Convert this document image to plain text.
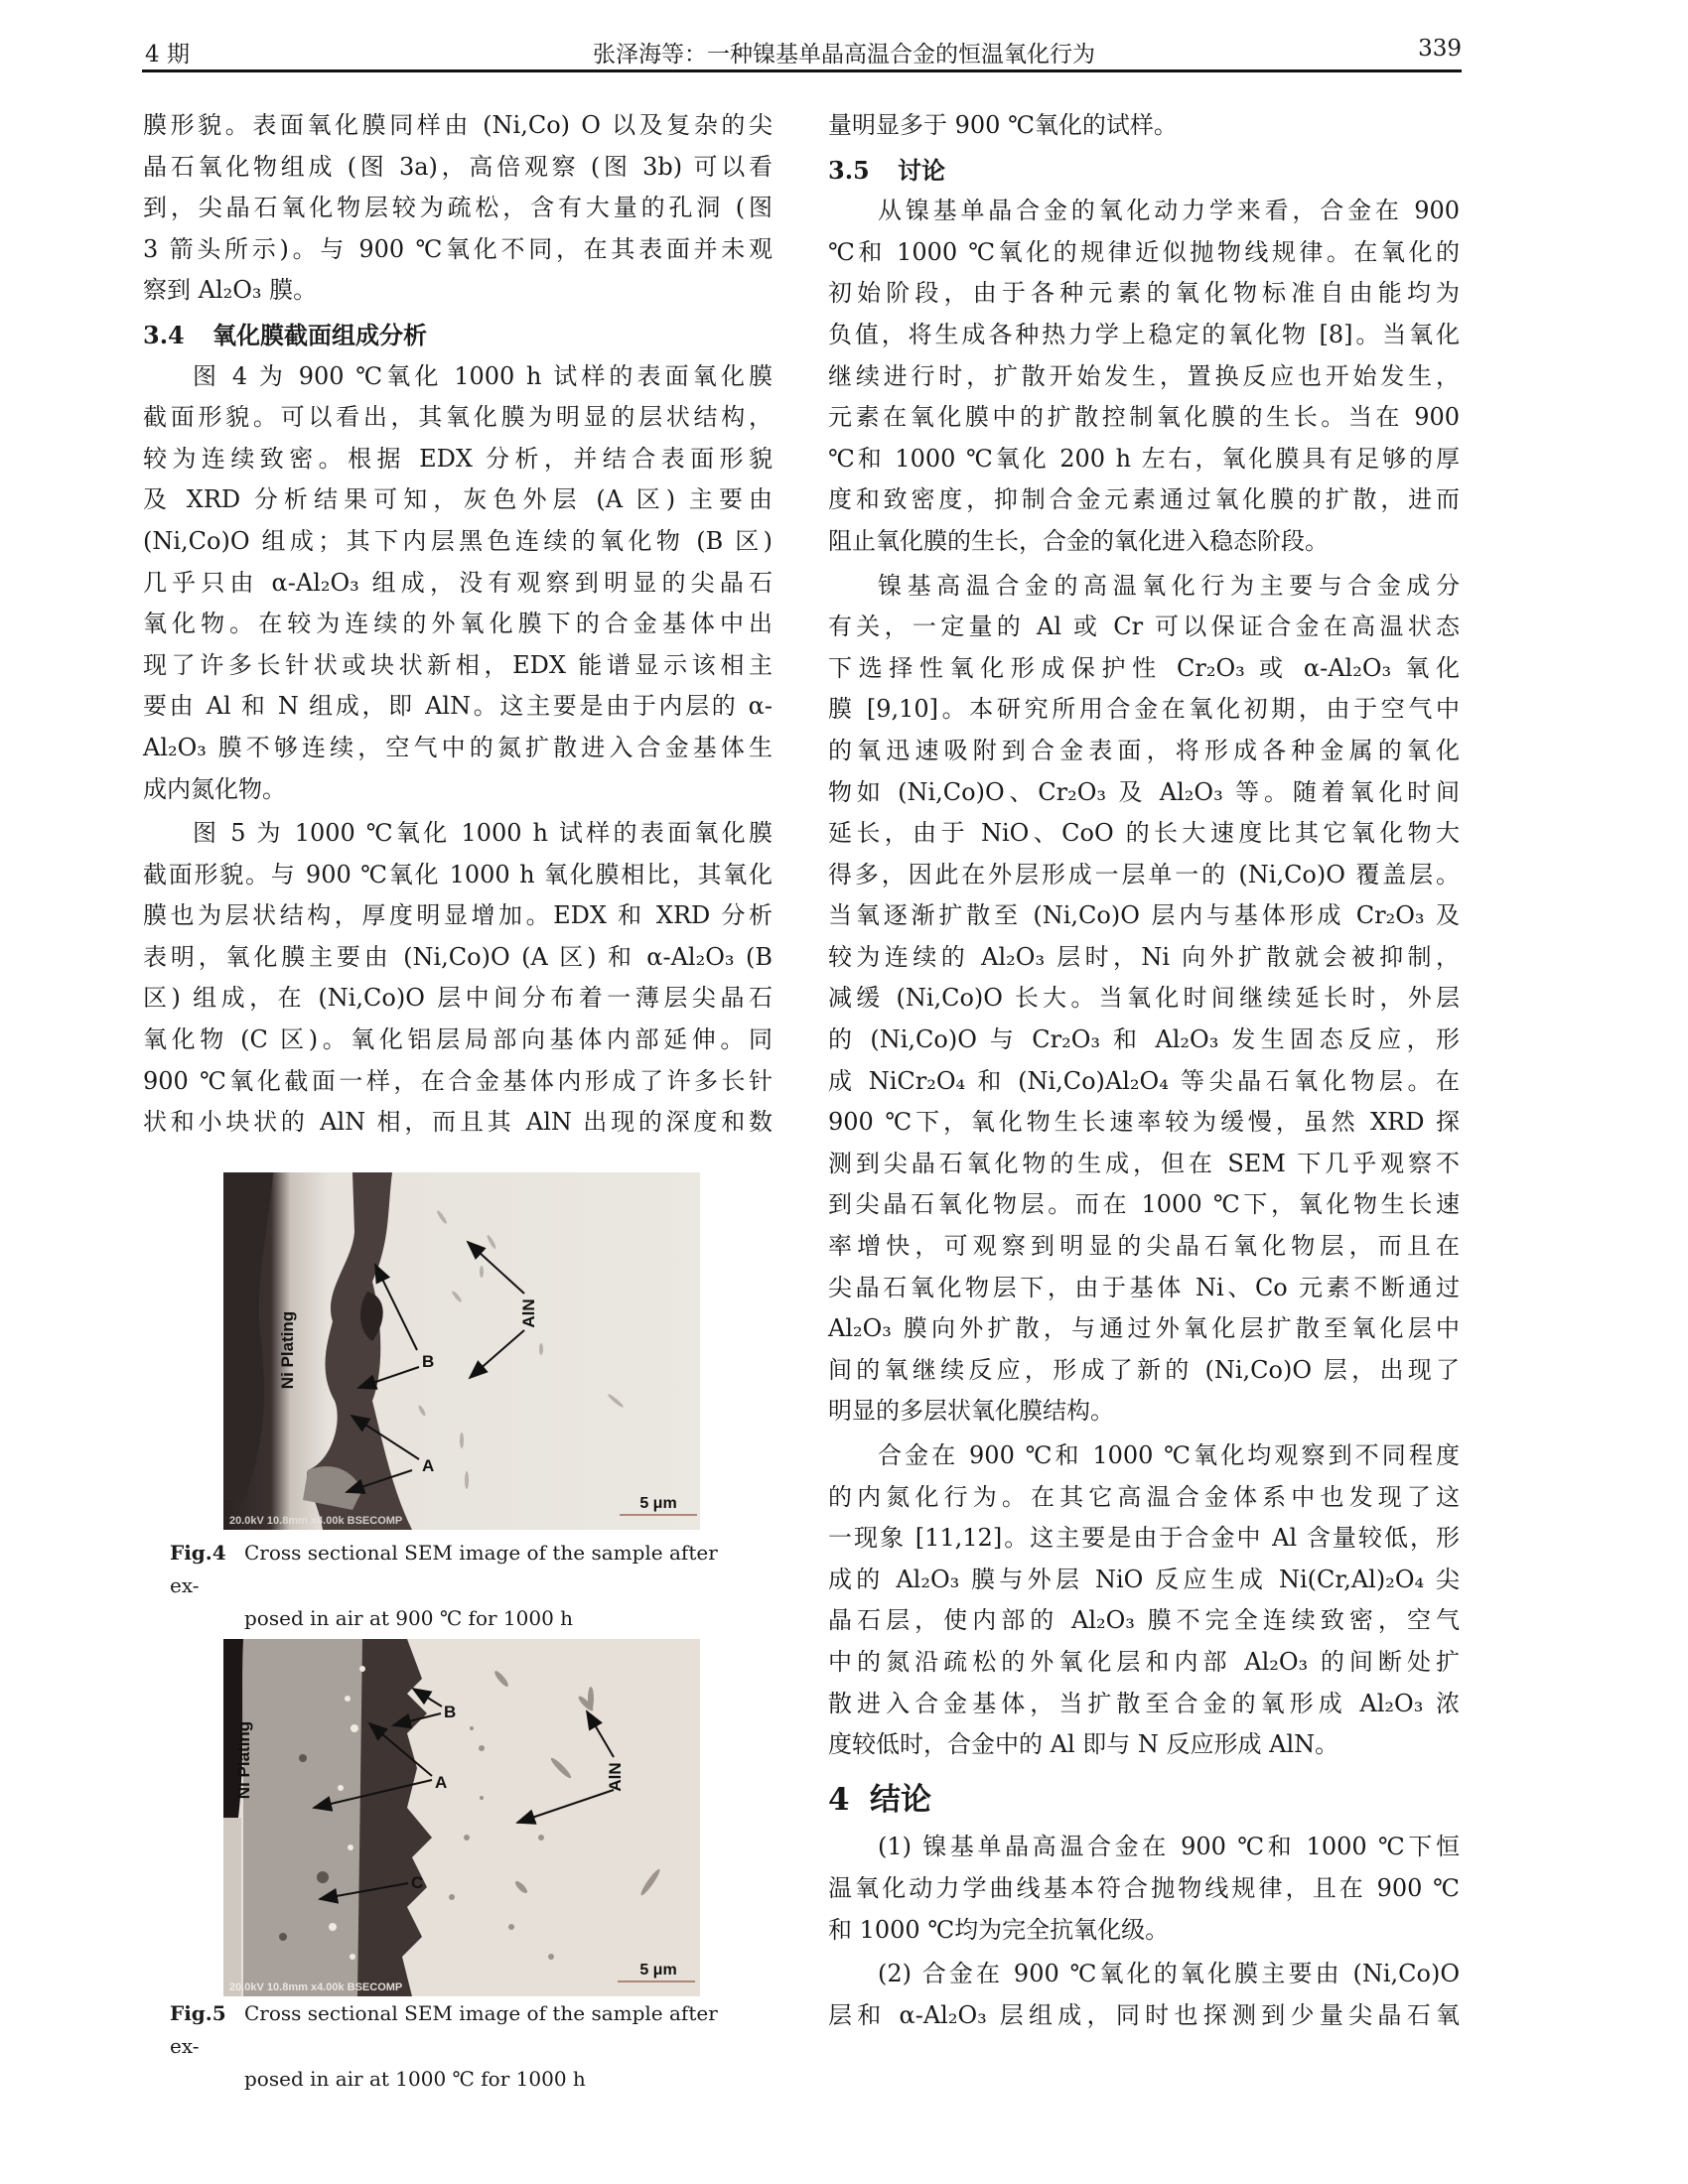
4 期	张泽海等：一种镍基单晶高温合金的恒温氧化行为	339
膜形貌。表面氧化膜同样由 (Ni,Co) O 以及复杂的尖
晶石氧化物组成 (图 3a)，高倍观察 (图 3b) 可以看
到，尖晶石氧化物层较为疏松，含有大量的孔洞 (图
3 箭头所示)。与 900 ℃氧化不同，在其表面并未观
察到 Al₂O₃ 膜。
3.4 氧化膜截面组成分析
图 4 为 900 ℃氧化 1000 h 试样的表面氧化膜
截面形貌。可以看出，其氧化膜为明显的层状结构，
较为连续致密。根据 EDX 分析，并结合表面形貌
及 XRD 分析结果可知，灰色外层 (A 区) 主要由
(Ni,Co)O 组成；其下内层黑色连续的氧化物 (B 区)
几乎只由 α-Al₂O₃ 组成，没有观察到明显的尖晶石
氧化物。在较为连续的外氧化膜下的合金基体中出
现了许多长针状或块状新相，EDX 能谱显示该相主
要由 Al 和 N 组成，即 AlN。这主要是由于内层的 α-
Al₂O₃ 膜不够连续，空气中的氮扩散进入合金基体生
成内氮化物。
图 5 为 1000 ℃氧化 1000 h 试样的表面氧化膜
截面形貌。与 900 ℃氧化 1000 h 氧化膜相比，其氧化
膜也为层状结构，厚度明显增加。EDX 和 XRD 分析
表明，氧化膜主要由 (Ni,Co)O (A 区) 和 α-Al₂O₃ (B
区) 组成，在 (Ni,Co)O 层中间分布着一薄层尖晶石
氧化物 (C 区)。氧化铝层局部向基体内部延伸。同
900 ℃氧化截面一样，在合金基体内形成了许多长针
状和小块状的 AlN 相，而且其 AlN 出现的深度和数
量明显多于 900 ℃氧化的试样。
3.5 讨论
从镍基单晶合金的氧化动力学来看，合金在 900
℃和 1000 ℃氧化的规律近似抛物线规律。在氧化的
初始阶段，由于各种元素的氧化物标准自由能均为
负值，将生成各种热力学上稳定的氧化物 [8]。当氧化
继续进行时，扩散开始发生，置换反应也开始发生，
元素在氧化膜中的扩散控制氧化膜的生长。当在 900
℃和 1000 ℃氧化 200 h 左右，氧化膜具有足够的厚
度和致密度，抑制合金元素通过氧化膜的扩散，进而
阻止氧化膜的生长，合金的氧化进入稳态阶段。
镍基高温合金的高温氧化行为主要与合金成分
有关，一定量的 Al 或 Cr 可以保证合金在高温状态
下选择性氧化形成保护性 Cr₂O₃ 或 α-Al₂O₃ 氧化
膜 [9,10]。本研究所用合金在氧化初期，由于空气中
的氧迅速吸附到合金表面，将形成各种金属的氧化
物如 (Ni,Co)O、Cr₂O₃ 及 Al₂O₃ 等。随着氧化时间
延长，由于 NiO、CoO 的长大速度比其它氧化物大
得多，因此在外层形成一层单一的 (Ni,Co)O 覆盖层。
当氧逐渐扩散至 (Ni,Co)O 层内与基体形成 Cr₂O₃ 及
较为连续的 Al₂O₃ 层时，Ni 向外扩散就会被抑制，
减缓 (Ni,Co)O 长大。当氧化时间继续延长时，外层
的 (Ni,Co)O 与 Cr₂O₃ 和 Al₂O₃ 发生固态反应，形
成 NiCr₂O₄ 和 (Ni,Co)Al₂O₄ 等尖晶石氧化物层。在
900 ℃下，氧化物生长速率较为缓慢，虽然 XRD 探
测到尖晶石氧化物的生成，但在 SEM 下几乎观察不
到尖晶石氧化物层。而在 1000 ℃下，氧化物生长速
率增快，可观察到明显的尖晶石氧化物层，而且在
尖晶石氧化物层下，由于基体 Ni、Co 元素不断通过
Al₂O₃ 膜向外扩散，与通过外氧化层扩散至氧化层中
间的氧继续反应，形成了新的 (Ni,Co)O 层，出现了
明显的多层状氧化膜结构。
合金在 900 ℃和 1000 ℃氧化均观察到不同程度
的内氮化行为。在其它高温合金体系中也发现了这
一现象 [11,12]。这主要是由于合金中 Al 含量较低，形
成的 Al₂O₃ 膜与外层 NiO 反应生成 Ni(Cr,Al)₂O₄ 尖
晶石层，使内部的 Al₂O₃ 膜不完全连续致密，空气
中的氮沿疏松的外氧化层和内部 Al₂O₃ 的间断处扩
散进入合金基体，当扩散至合金的氧形成 Al₂O₃ 浓
度较低时，合金中的 Al 即与 N 反应形成 AlN。
4 结论
(1) 镍基单晶高温合金在 900 ℃和 1000 ℃下恒
温氧化动力学曲线基本符合抛物线规律，且在 900 ℃
和 1000 ℃均为完全抗氧化级。
(2) 合金在 900 ℃氧化的氧化膜主要由 (Ni,Co)O
层和 α-Al₂O₃ 层组成，同时也探测到少量尖晶石氧
Ni Plating	B
A
AlN
5 μm
20.0kV 10.8mm x4.00k BSECOMP
Fig.4 Cross sectional SEM image of the sample after ex-
posed in air at 900 ℃ for 1000 h
Ni Plating
B
A
C
AlN
5 μm
20.0kV 10.8mm x4.00k BSECOMP
Fig.5 Cross sectional SEM image of the sample after ex-
posed in air at 1000 ℃ for 1000 h
